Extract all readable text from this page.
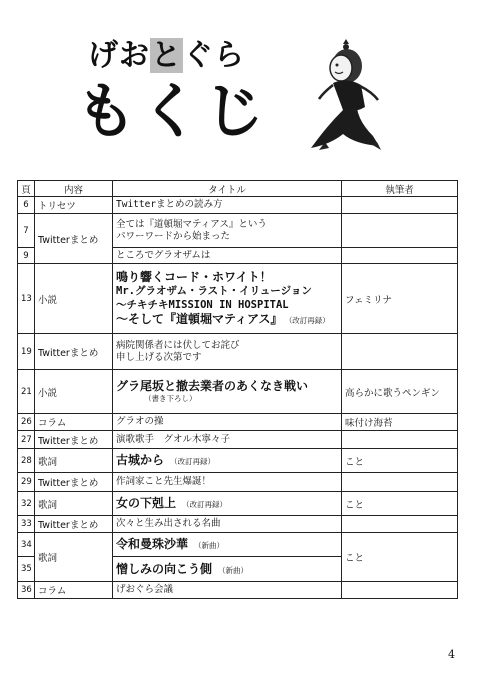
げおとぐら
もくじ
頁	内容	タイトル	執筆者
6	トリセツ	Twitterまとめの読み方	

7	Twitterまとめ	全ては『道頓堀マティアス』という
パワーワードから始まった	

9		ところでグラオザムは	

13	小説	鳴り響くコード・ホワイト！
Mr.グラオザム・ラスト・イリュージョン
～チキチキMISSION IN HOSPITAL
～そして『道頓堀マティアス』 （改訂再録）	フェミリナ
19	Twitterまとめ	病院関係者には伏してお詫び
申し上げる次第です	

21	小説	グラ尾坂と撤去業者のあくなき戦い
（書き下ろし）	高らかに歌うペンギン
26	コラム	グラオの操	味付け海苔
27	Twitterまとめ	演歌歌手　グオル木寧々子	

28	歌詞	古城から （改訂再録）	こと
29	Twitterまとめ	作詞家こと先生爆誕！	

32	歌詞	女の下剋上 （改訂再録）	こと
33	Twitterまとめ	次々と生み出される名曲	

34	歌詞	令和曼珠沙華 （新曲）	こと
35		憎しみの向こう側 （新曲）	

36	コラム	げおぐら会議	

4
